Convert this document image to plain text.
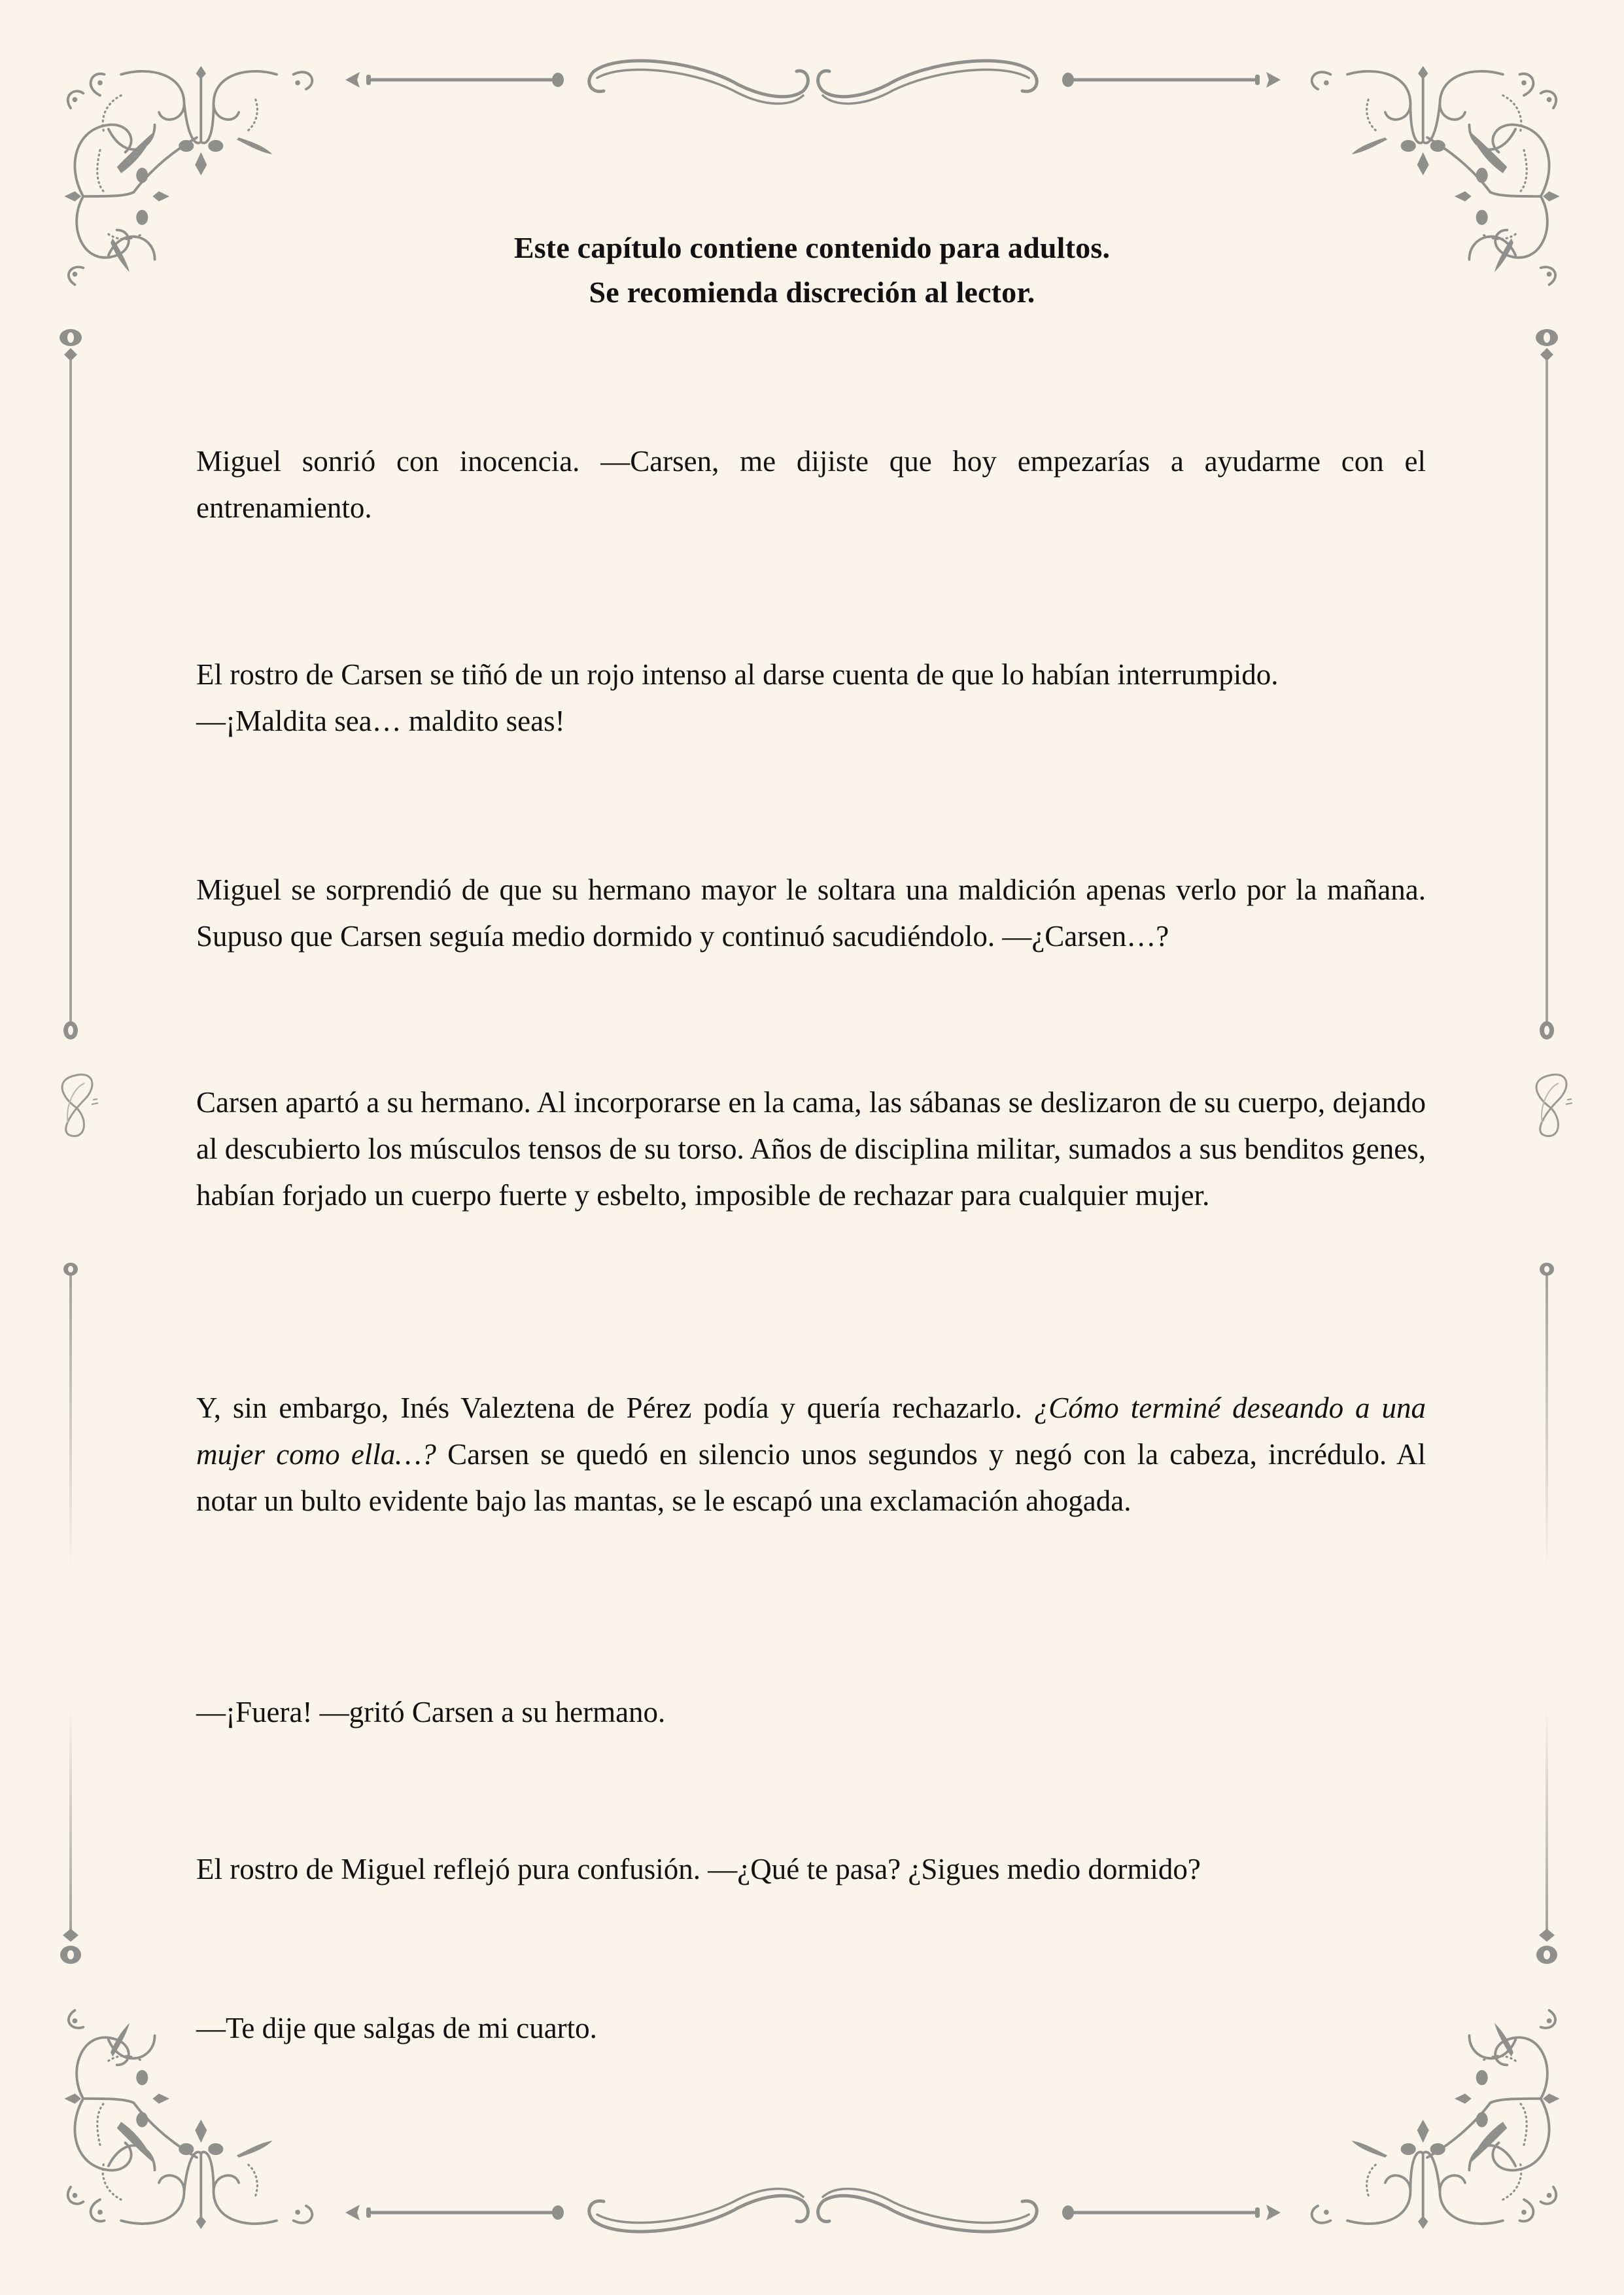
Este capítulo contiene contenido para adultos.
Se recomienda discreción al lector.

Miguel sonrió con inocencia. —Carsen, me dijiste que hoy empezarías a ayudarme con el entrenamiento.

El rostro de Carsen se tiñó de un rojo intenso al darse cuenta de que lo habían interrumpido.
—¡Maldita sea… maldito seas!

Miguel se sorprendió de que su hermano mayor le soltara una maldición apenas verlo por la mañana. Supuso que Carsen seguía medio dormido y continuó sacudiéndolo. —¿Carsen…?

Carsen apartó a su hermano. Al incorporarse en la cama, las sábanas se deslizaron de su cuerpo, dejando al descubierto los músculos tensos de su torso. Años de disciplina militar, sumados a sus benditos genes, habían forjado un cuerpo fuerte y esbelto, imposible de rechazar para cualquier mujer.

Y, sin embargo, Inés Valeztena de Pérez podía y quería rechazarlo. ¿Cómo terminé deseando a una mujer como ella…? Carsen se quedó en silencio unos segundos y negó con la cabeza, incrédulo. Al notar un bulto evidente bajo las mantas, se le escapó una exclamación ahogada.

—¡Fuera! —gritó Carsen a su hermano.

El rostro de Miguel reflejó pura confusión. —¿Qué te pasa? ¿Sigues medio dormido?

—Te dije que salgas de mi cuarto.
